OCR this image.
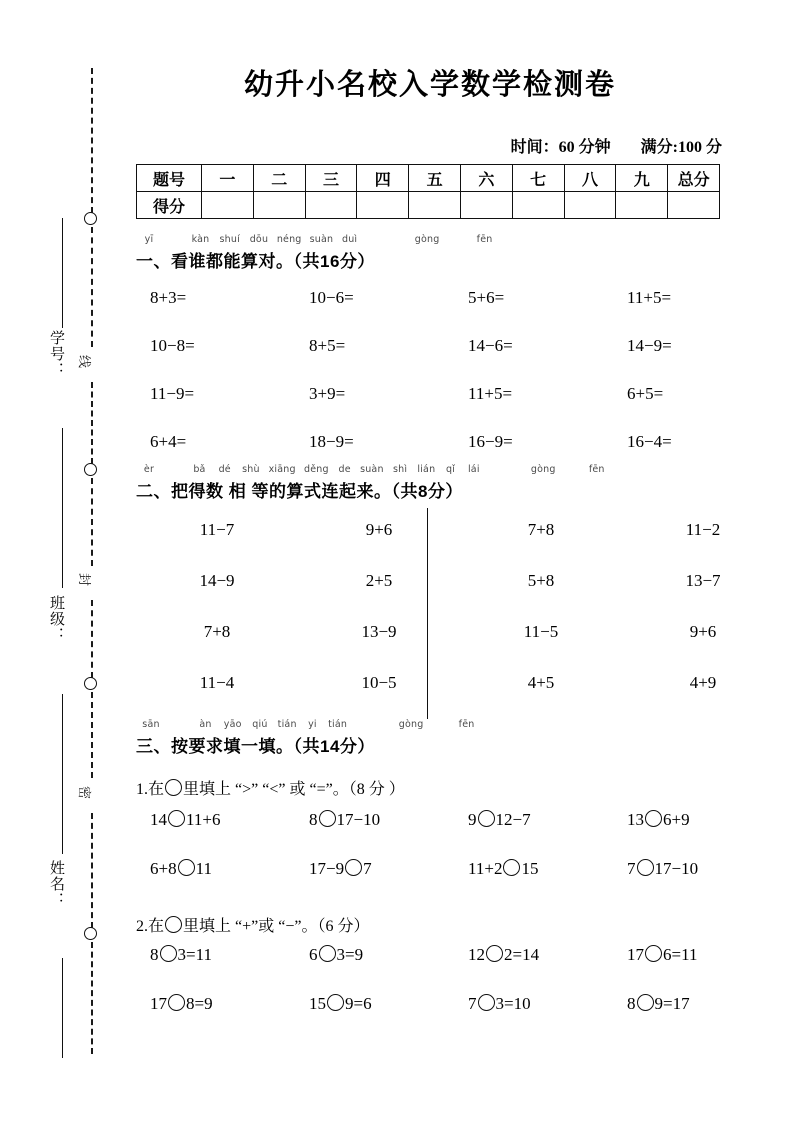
线
封
密
学号：
班级：
姓名：
幼升小名校入学数学检测卷
时间：60 分钟 满分:100 分
题号	一	二	三	四	五	六	七	八	九	总分
得分										
yī	kàn shuí dōu néng suàn duì	gòng	fēn
一、看谁都能算对。（共16分）
8+3=	10−6=	5+6=	11+5=
10−8=	8+5=	14−6=	14−9=
11−9=	3+9=	11+5=	6+5=
6+4=	18−9=	16−9=	16−4=
èr	bǎ dé shù xiāng děng de suàn shì lián qǐ lái	gòng	fēn
二、把得数 相 等的算式连起来。（共8分）
11−7	9+6	7+8	11−2
14−9	2+5	5+8	13−7
7+8	13−9	11−5	9+6
11−4	10−5	4+5	4+9
sān	àn yāo qiú tián yi tián	gòng	fēn
三、按要求填一填。（共14分）
1.在 里填上 “>” “<” 或 “=”。（8 分 ）
14 11+6	8 17−10	9 12−7	13 6+9
6+8 11	17−9 7	11+2 15	7 17−10
2.在 里填上 “+”或 “−”。（6 分）
8 3=11	6 3=9	12 2=14	17 6=11
17 8=9	15 9=6	7 3=10	8 9=17
